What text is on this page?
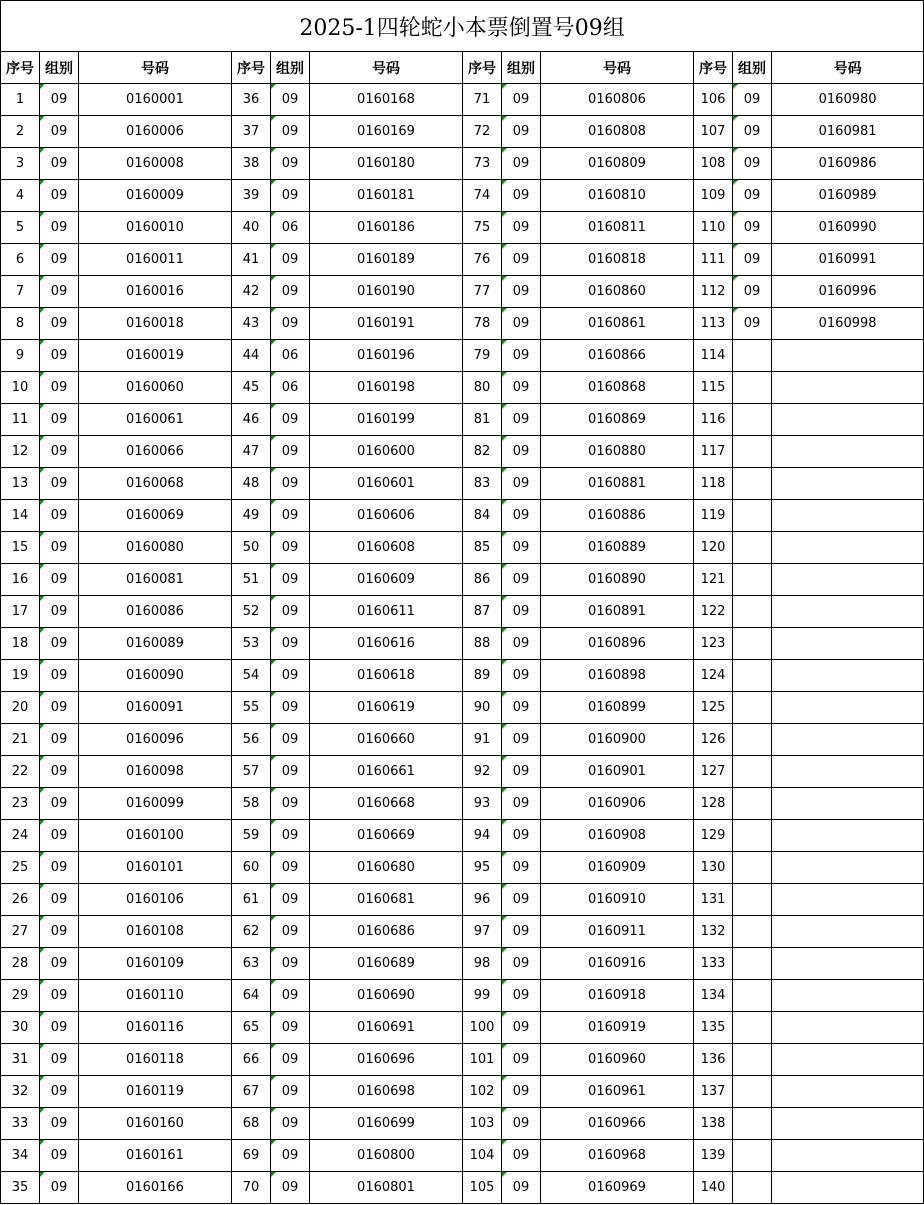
2025-1四轮蛇小本票倒置号09组											
序号	组别	号码	序号	组别	号码	序号	组别	号码	序号	组别	号码
1	09	0160001	36	09	0160168	71	09	0160806	106	09	0160980
2	09	0160006	37	09	0160169	72	09	0160808	107	09	0160981
3	09	0160008	38	09	0160180	73	09	0160809	108	09	0160986
4	09	0160009	39	09	0160181	74	09	0160810	109	09	0160989
5	09	0160010	40	06	0160186	75	09	0160811	110	09	0160990
6	09	0160011	41	09	0160189	76	09	0160818	111	09	0160991
7	09	0160016	42	09	0160190	77	09	0160860	112	09	0160996
8	09	0160018	43	09	0160191	78	09	0160861	113	09	0160998
9	09	0160019	44	06	0160196	79	09	0160866	114		
10	09	0160060	45	06	0160198	80	09	0160868	115		
11	09	0160061	46	09	0160199	81	09	0160869	116		
12	09	0160066	47	09	0160600	82	09	0160880	117		
13	09	0160068	48	09	0160601	83	09	0160881	118		
14	09	0160069	49	09	0160606	84	09	0160886	119		
15	09	0160080	50	09	0160608	85	09	0160889	120		
16	09	0160081	51	09	0160609	86	09	0160890	121		
17	09	0160086	52	09	0160611	87	09	0160891	122		
18	09	0160089	53	09	0160616	88	09	0160896	123		
19	09	0160090	54	09	0160618	89	09	0160898	124		
20	09	0160091	55	09	0160619	90	09	0160899	125		
21	09	0160096	56	09	0160660	91	09	0160900	126		
22	09	0160098	57	09	0160661	92	09	0160901	127		
23	09	0160099	58	09	0160668	93	09	0160906	128		
24	09	0160100	59	09	0160669	94	09	0160908	129		
25	09	0160101	60	09	0160680	95	09	0160909	130		
26	09	0160106	61	09	0160681	96	09	0160910	131		
27	09	0160108	62	09	0160686	97	09	0160911	132		
28	09	0160109	63	09	0160689	98	09	0160916	133		
29	09	0160110	64	09	0160690	99	09	0160918	134		
30	09	0160116	65	09	0160691	100	09	0160919	135		
31	09	0160118	66	09	0160696	101	09	0160960	136		
32	09	0160119	67	09	0160698	102	09	0160961	137		
33	09	0160160	68	09	0160699	103	09	0160966	138		
34	09	0160161	69	09	0160800	104	09	0160968	139		
35	09	0160166	70	09	0160801	105	09	0160969	140		
